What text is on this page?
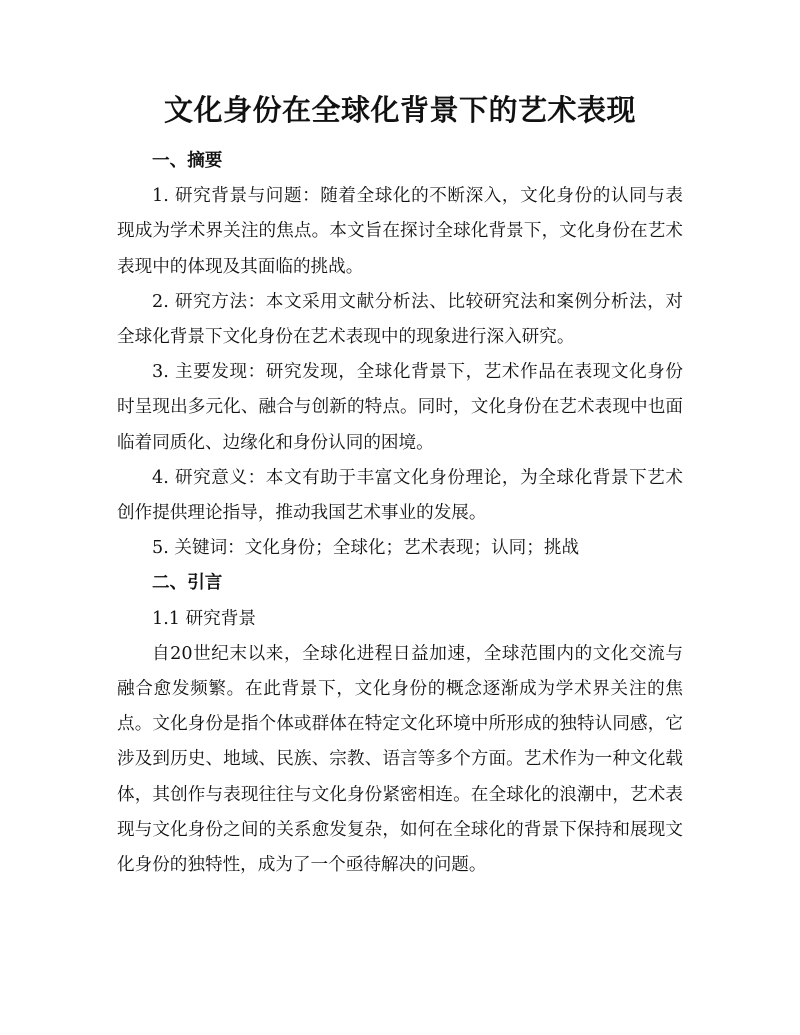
文化身份在全球化背景下的艺术表现
一、摘要

1. 研究背景与问题：随着全球化的不断深入，文化身份的认同与表现成为学术界关注的焦点。本文旨在探讨全球化背景下，文化身份在艺术表现中的体现及其面临的挑战。

2. 研究方法：本文采用文献分析法、比较研究法和案例分析法，对全球化背景下文化身份在艺术表现中的现象进行深入研究。

3. 主要发现：研究发现，全球化背景下，艺术作品在表现文化身份时呈现出多元化、融合与创新的特点。同时，文化身份在艺术表现中也面临着同质化、边缘化和身份认同的困境。

4. 研究意义：本文有助于丰富文化身份理论，为全球化背景下艺术创作提供理论指导，推动我国艺术事业的发展。

5. 关键词：文化身份；全球化；艺术表现；认同；挑战

二、引言

1.1 研究背景

自20世纪末以来，全球化进程日益加速，全球范围内的文化交流与融合愈发频繁。在此背景下，文化身份的概念逐渐成为学术界关注的焦点。文化身份是指个体或群体在特定文化环境中所形成的独特认同感，它涉及到历史、地域、民族、宗教、语言等多个方面。艺术作为一种文化载体，其创作与表现往往与文化身份紧密相连。在全球化的浪潮中，艺术表现与文化身份之间的关系愈发复杂，如何在全球化的背景下保持和展现文化身份的独特性，成为了一个亟待解决的问题。
